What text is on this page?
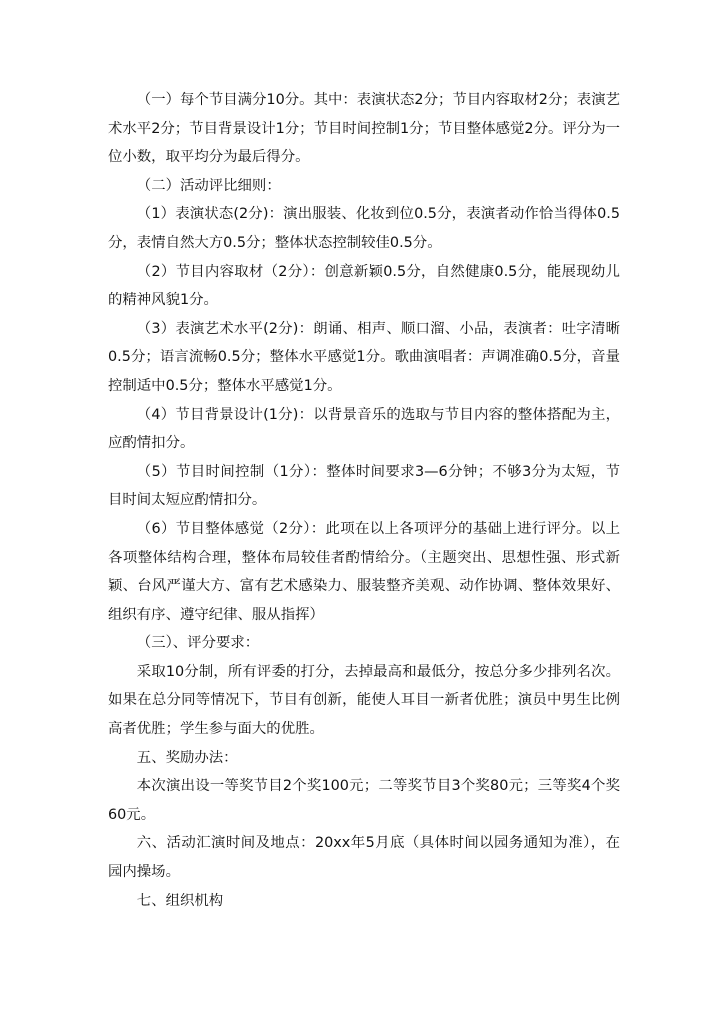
（一）每个节目满分10分。其中：表演状态2分；节目内容取材2分；表演艺术水平2分；节目背景设计1分；节目时间控制1分；节目整体感觉2分。评分为一位小数，取平均分为最后得分。

（二）活动评比细则：

（1）表演状态(2分)：演出服装、化妆到位0.5分，表演者动作恰当得体0.5分，表情自然大方0.5分；整体状态控制较佳0.5分。

（2）节目内容取材（2分）：创意新颖0.5分，自然健康0.5分，能展现幼儿的精神风貌1分。

（3）表演艺术水平(2分)：朗诵、相声、顺口溜、小品，表演者：吐字清晰0.5分；语言流畅0.5分；整体水平感觉1分。歌曲演唱者：声调准确0.5分，音量控制适中0.5分；整体水平感觉1分。

（4）节目背景设计(1分)：以背景音乐的选取与节目内容的整体搭配为主，应酌情扣分。

（5）节目时间控制（1分）：整体时间要求3—6分钟；不够3分为太短，节目时间太短应酌情扣分。

（6）节目整体感觉（2分）：此项在以上各项评分的基础上进行评分。以上各项整体结构合理，整体布局较佳者酌情给分。（主题突出、思想性强、形式新颖、台风严谨大方、富有艺术感染力、服装整齐美观、动作协调、整体效果好、组织有序、遵守纪律、服从指挥）

（三）、评分要求：

采取10分制，所有评委的打分，去掉最高和最低分，按总分多少排列名次。如果在总分同等情况下，节目有创新，能使人耳目一新者优胜；演员中男生比例高者优胜；学生参与面大的优胜。

五、奖励办法：

本次演出设一等奖节目2个奖100元；二等奖节目3个奖80元；三等奖4个奖60元。

六、活动汇演时间及地点：20xx年5月底（具体时间以园务通知为准），在园内操场。

七、组织机构
